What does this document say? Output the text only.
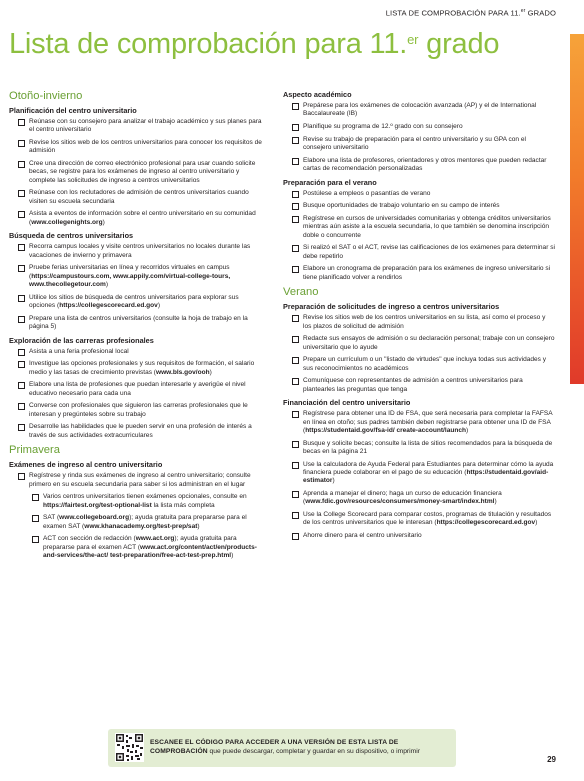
LISTA DE COMPROBACIÓN PARA 11.$^{er}$ GRADO
Lista de comprobación para 11.$^{er}$ grado
Otoño-invierno
Planificación del centro universitario
Reúnase con su consejero para analizar el trabajo académico y sus planes para el centro universitario
Revise los sitios web de los centros universitarios para conocer los requisitos de admisión
Cree una dirección de correo electrónico profesional para usar cuando solicite becas, se registre para los exámenes de ingreso al centro universitario y complete las solicitudes de ingreso a centros universitarios
Reúnase con los reclutadores de admisión de centros universitarios cuando visiten su escuela secundaria
Asista a eventos de información sobre el centro universitario en su comunidad (www.collegenights.org)
Búsqueda de centros universitarios
Recorra campus locales y visite centros universitarios no locales durante las vacaciones de invierno y primavera
Pruebe ferias universitarias en línea y recorridos virtuales en campus (https://campustours.com, www.appily.com/virtual-college-tours, www.thecollegetour.com)
Utilice los sitios de búsqueda de centros universitarios para explorar sus opciones (https://collegescorecard.ed.gov)
Prepare una lista de centros universitarios (consulte la hoja de trabajo en la página 5)
Exploración de las carreras profesionales
Asista a una feria profesional local
Investigue las opciones profesionales y sus requisitos de formación, el salario medio y las tasas de crecimiento previstas (www.bls.gov/ooh)
Elabore una lista de profesiones que puedan interesarle y averigüe el nivel educativo necesario para cada una
Converse con profesionales que siguieron las carreras profesionales que le interesan y pregúnteles sobre su trabajo
Desarrolle las habilidades que le pueden servir en una profesión de interés a través de sus actividades extracurriculares
Primavera
Exámenes de ingreso al centro universitario
Regístrese y rinda sus exámenes de ingreso al centro universitario; consulte primero en su escuela secundaria para saber si los administran en el lugar
Varios centros universitarios tienen exámenes opcionales, consulte en https://fairtest.org/test-optional-list la lista más completa
SAT (www.collegeboard.org); ayuda gratuita para prepararse para el examen SAT (www.khanacademy.org/test-prep/sat)
ACT con sección de redacción (www.act.org); ayuda gratuita para prepararse para el examen ACT (www.act.org/content/act/en/products-and-services/the-act/ test-preparation/free-act-test-prep.html)
Aspecto académico
Prepárese para los exámenes de colocación avanzada (AP) y el de International Baccalaureate (IB)
Planifique su programa de 12.º grado con su consejero
Revise su trabajo de preparación para el centro universitario y su GPA con el consejero universitario
Elabore una lista de profesores, orientadores y otros mentores que pueden redactar cartas de recomendación personalizadas
Preparación para el verano
Postúlese a empleos o pasantías de verano
Busque oportunidades de trabajo voluntario en su campo de interés
Regístrese en cursos de universidades comunitarias y obtenga créditos universitarios mientras aún asiste a la escuela secundaria, lo que también se denomina inscripción doble o concurrente
Si realizó el SAT o el ACT, revise las calificaciones de los exámenes para determinar si debe repetirlo
Elabore un cronograma de preparación para los exámenes de ingreso universitario si tiene planificado volver a rendirlos
Verano
Preparación de solicitudes de ingreso a centros universitarios
Revise los sitios web de los centros universitarios en su lista, así como el proceso y los plazos de solicitud de admisión
Redacte sus ensayos de admisión o su declaración personal; trabaje con un consejero universitario que lo ayude
Prepare un currículum o un "listado de virtudes" que incluya todas sus actividades y sus reconocimientos no académicos
Comuníquese con representantes de admisión a centros universitarios para plantearles las preguntas que tenga
Financiación del centro universitario
Regístrese para obtener una ID de FSA, que será necesaria para completar la FAFSA en línea en otoño; sus padres también deben registrarse para obtener una ID de FSA (https://studentaid.gov/fsa-id/ create-account/launch)
Busque y solicite becas; consulte la lista de sitios recomendados para la búsqueda de becas en la página 21
Use la calculadora de Ayuda Federal para Estudiantes para determinar cómo la ayuda financiera puede colaborar en el pago de su educación (https://studentaid.gov/aid-estimator)
Aprenda a manejar el dinero; haga un curso de educación financiera (www.fdic.gov/resources/consumers/money-smart/index.html)
Use la College Scorecard para comparar costos, programas de titulación y resultados de los centros universitarios que le interesan (https://collegescorecard.ed.gov)
Ahorre dinero para el centro universitario
ESCANEE EL CÓDIGO PARA ACCEDER A UNA VERSIÓN DE ESTA LISTA DE COMPROBACIÓN que puede descargar, completar y guardar en su dispositivo, o imprimir
29
